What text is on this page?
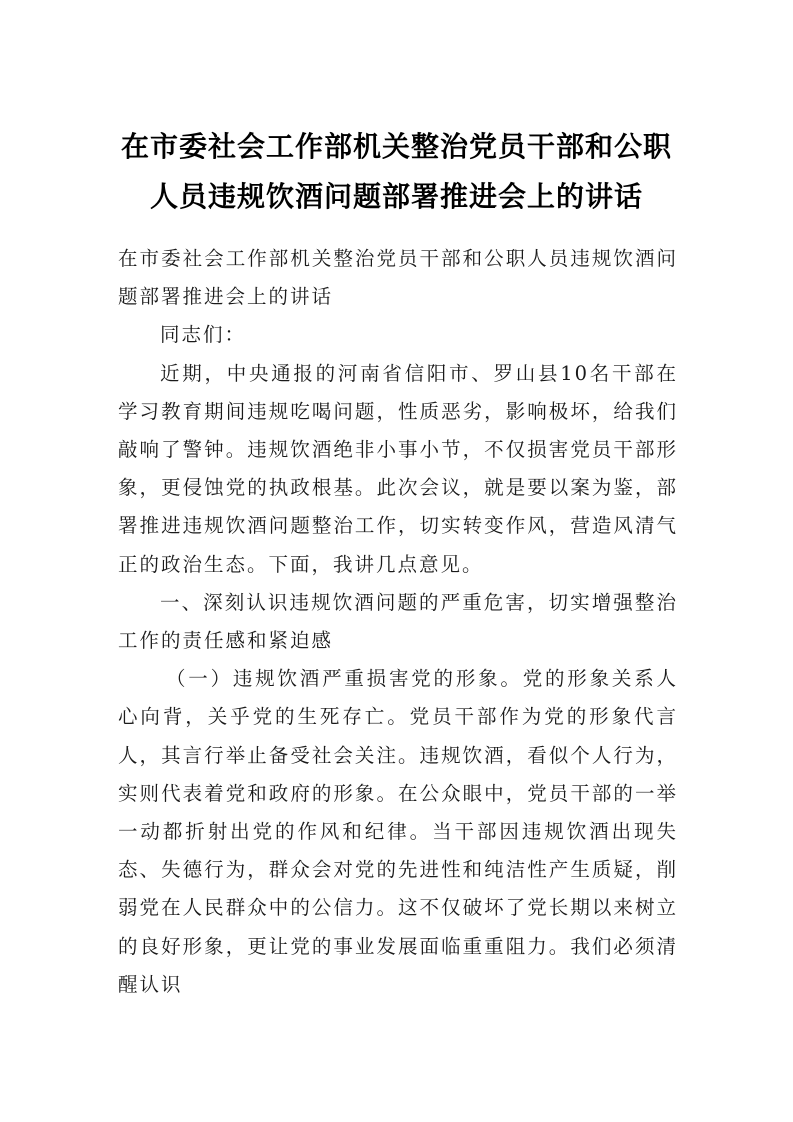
在市委社会工作部机关整治党员干部和公职人员违规饮酒问题部署推进会上的讲话

在市委社会工作部机关整治党员干部和公职人员违规饮酒问题部署推进会上的讲话

同志们：

近期，中央通报的河南省信阳市、罗山县10名干部在学习教育期间违规吃喝问题，性质恶劣，影响极坏，给我们敲响了警钟。违规饮酒绝非小事小节，不仅损害党员干部形象，更侵蚀党的执政根基。此次会议，就是要以案为鉴，部署推进违规饮酒问题整治工作，切实转变作风，营造风清气正的政治生态。下面，我讲几点意见。

一、深刻认识违规饮酒问题的严重危害，切实增强整治工作的责任感和紧迫感

（一）违规饮酒严重损害党的形象。党的形象关系人心向背，关乎党的生死存亡。党员干部作为党的形象代言人，其言行举止备受社会关注。违规饮酒，看似个人行为，实则代表着党和政府的形象。在公众眼中，党员干部的一举一动都折射出党的作风和纪律。当干部因违规饮酒出现失态、失德行为，群众会对党的先进性和纯洁性产生质疑，削弱党在人民群众中的公信力。这不仅破坏了党长期以来树立的良好形象，更让党的事业发展面临重重阻力。我们必须清醒认识
